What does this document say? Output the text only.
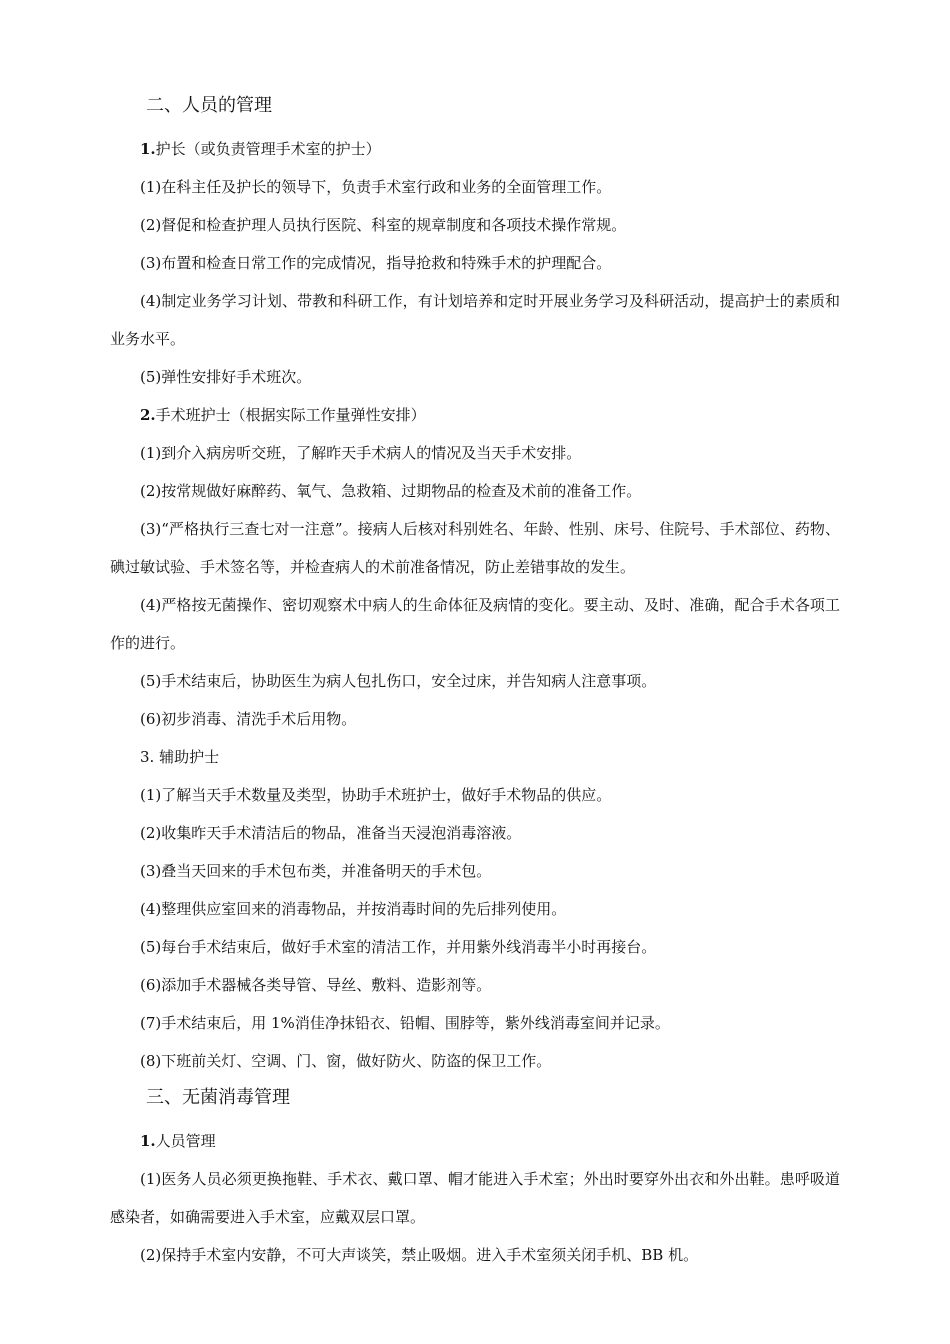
二、人员的管理
1.护长（或负责管理手术室的护士）

(1)在科主任及护长的领导下，负责手术室行政和业务的全面管理工作。

(2)督促和检查护理人员执行医院、科室的规章制度和各项技术操作常规。

(3)布置和检查日常工作的完成情况，指导抢救和特殊手术的护理配合。

(4)制定业务学习计划、带教和科研工作，有计划培养和定时开展业务学习及科研活动，提高护士的素质和业务水平。

(5)弹性安排好手术班次。

2.手术班护士（根据实际工作量弹性安排）

(1)到介入病房听交班，了解昨天手术病人的情况及当天手术安排。

(2)按常规做好麻醉药、氧气、急救箱、过期物品的检查及术前的准备工作。

(3)“严格执行三查七对一注意”。接病人后核对科别姓名、年龄、性别、床号、住院号、手术部位、药物、碘过敏试验、手术签名等，并检查病人的术前准备情况，防止差错事故的发生。

(4)严格按无菌操作、密切观察术中病人的生命体征及病情的变化。要主动、及时、准确，配合手术各项工作的进行。

(5)手术结束后，协助医生为病人包扎伤口，安全过床，并告知病人注意事项。

(6)初步消毒、清洗手术后用物。

3. 辅助护士

(1)了解当天手术数量及类型，协助手术班护士，做好手术物品的供应。

(2)收集昨天手术清洁后的物品，准备当天浸泡消毒溶液。

(3)叠当天回来的手术包布类，并准备明天的手术包。

(4)整理供应室回来的消毒物品，并按消毒时间的先后排列使用。

(5)每台手术结束后，做好手术室的清洁工作，并用紫外线消毒半小时再接台。

(6)添加手术器械各类导管、导丝、敷料、造影剂等。

(7)手术结束后，用 1%消佳净抹铅衣、铅帽、围脖等，紫外线消毒室间并记录。

(8)下班前关灯、空调、门、窗，做好防火、防盗的保卫工作。

三、无菌消毒管理
1.人员管理

(1)医务人员必须更换拖鞋、手术衣、戴口罩、帽才能进入手术室；外出时要穿外出衣和外出鞋。患呼吸道感染者，如确需要进入手术室，应戴双层口罩。

(2)保持手术室内安静，不可大声谈笑，禁止吸烟。进入手术室须关闭手机、BB 机。
